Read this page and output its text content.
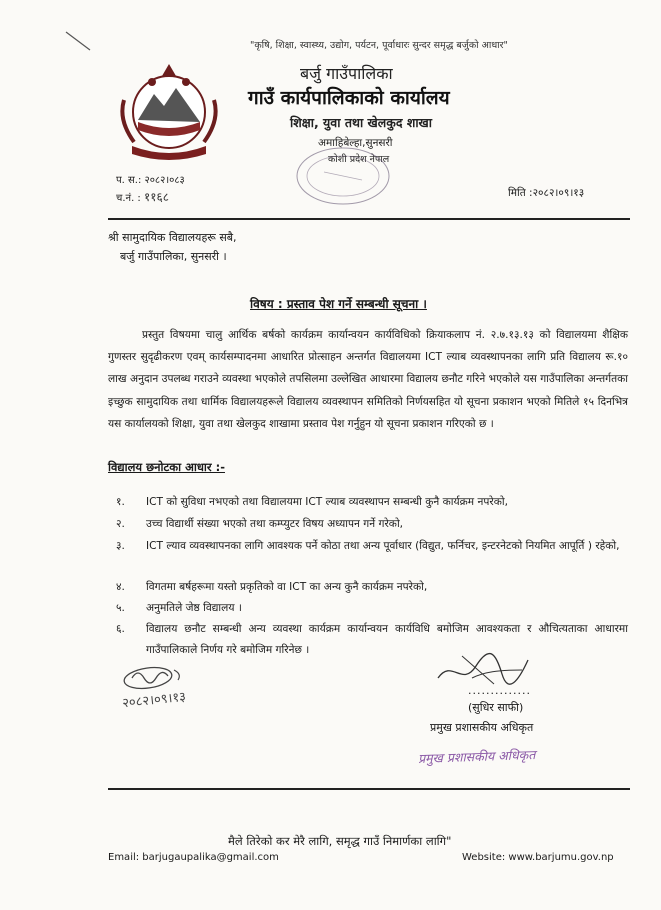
"कृषि, शिक्षा, स्वास्थ्य, उद्योग, पर्यटन, पूर्वाधारः सुन्दर समृद्ध बर्जुको आधार"
बर्जु गाउँपालिका
गाउँ कार्यपालिकाको कार्यालय
शिक्षा, युवा तथा खेलकुद शाखा
अमाहिबेल्हा,सुनसरी
कोशी प्रदेश नेपाल
प. स.: २०८२।०८३
च.नं. : ११६८	मिति :२०८२।०९।१३
श्री सामुदायिक विद्यालयहरू सबै,
बर्जु गाउँपालिका, सुनसरी ।
विषय : प्रस्ताव पेश गर्ने सम्बन्धी सूचना ।
प्रस्तुत विषयमा चालु आर्थिक बर्षको कार्यक्रम कार्यान्वयन कार्यविधिको क्रियाकलाप नं. २.७.१३.१३ को विद्यालयमा शैक्षिक गुणस्तर सुदृढीकरण एवम् कार्यसम्पादनमा आधारित प्रोत्साहन अन्तर्गत विद्यालयमा ICT ल्याब व्यवस्थापनका लागि प्रति विद्यालय रू.१० लाख अनुदान उपलब्ध गराउने व्यवस्था भएकोले तपसिलमा उल्लेखित आधारमा विद्यालय छनौट गरिने भएकोले यस गाउँपालिका अन्तर्गतका इच्छुक सामुदायिक तथा धार्मिक विद्यालयहरूले विद्यालय व्यवस्थापन समितिको निर्णयसहित यो सूचना प्रकाशन भएको मितिले १५ दिनभित्र यस कार्यालयको शिक्षा, युवा तथा खेलकुद शाखामा प्रस्ताव पेश गर्नुहुन यो सूचना प्रकाशन गरिएको छ ।
विद्यालय छनोटका आधार :-
१.	ICT को सुविधा नभएको तथा विद्यालयमा ICT ल्याब व्यवस्थापन सम्बन्धी कुनै कार्यक्रम नपरेको,
२.	उच्च विद्यार्थी संख्या भएको तथा कम्प्युटर विषय अध्यापन गर्ने गरेको,
३.	ICT ल्याव व्यवस्थापनका लागि आवश्यक पर्ने कोठा तथा अन्य पूर्वाधार (विद्युत, फर्निचर, इन्टरनेटको नियमित आपूर्ति ) रहेको,
४.	विगतमा बर्षहरूमा यस्तो प्रकृतिको वा ICT का अन्य कुनै कार्यक्रम नपरेको,
५.	अनुमतिले जेष्ठ विद्यालय ।
६.	विद्यालय छनौट सम्बन्धी अन्य व्यवस्था कार्यक्रम कार्यान्वयन कार्यविधि बमोजिम आवश्यकता र औचित्यताका आधारमा गाउँपालिकाले निर्णय गरे बमोजिम गरिनेछ ।
२०८२।०९।१३	..............
(सुधिर साफी)
प्रमुख प्रशासकीय अधिकृत
प्रमुख प्रशासकीय अधिकृत
मैले तिरेको कर मेरै लागि, समृद्ध गाउँ निमार्णका लागि"
Email: barjugaupalika@gmail.com	Website: www.barjumu.gov.np
